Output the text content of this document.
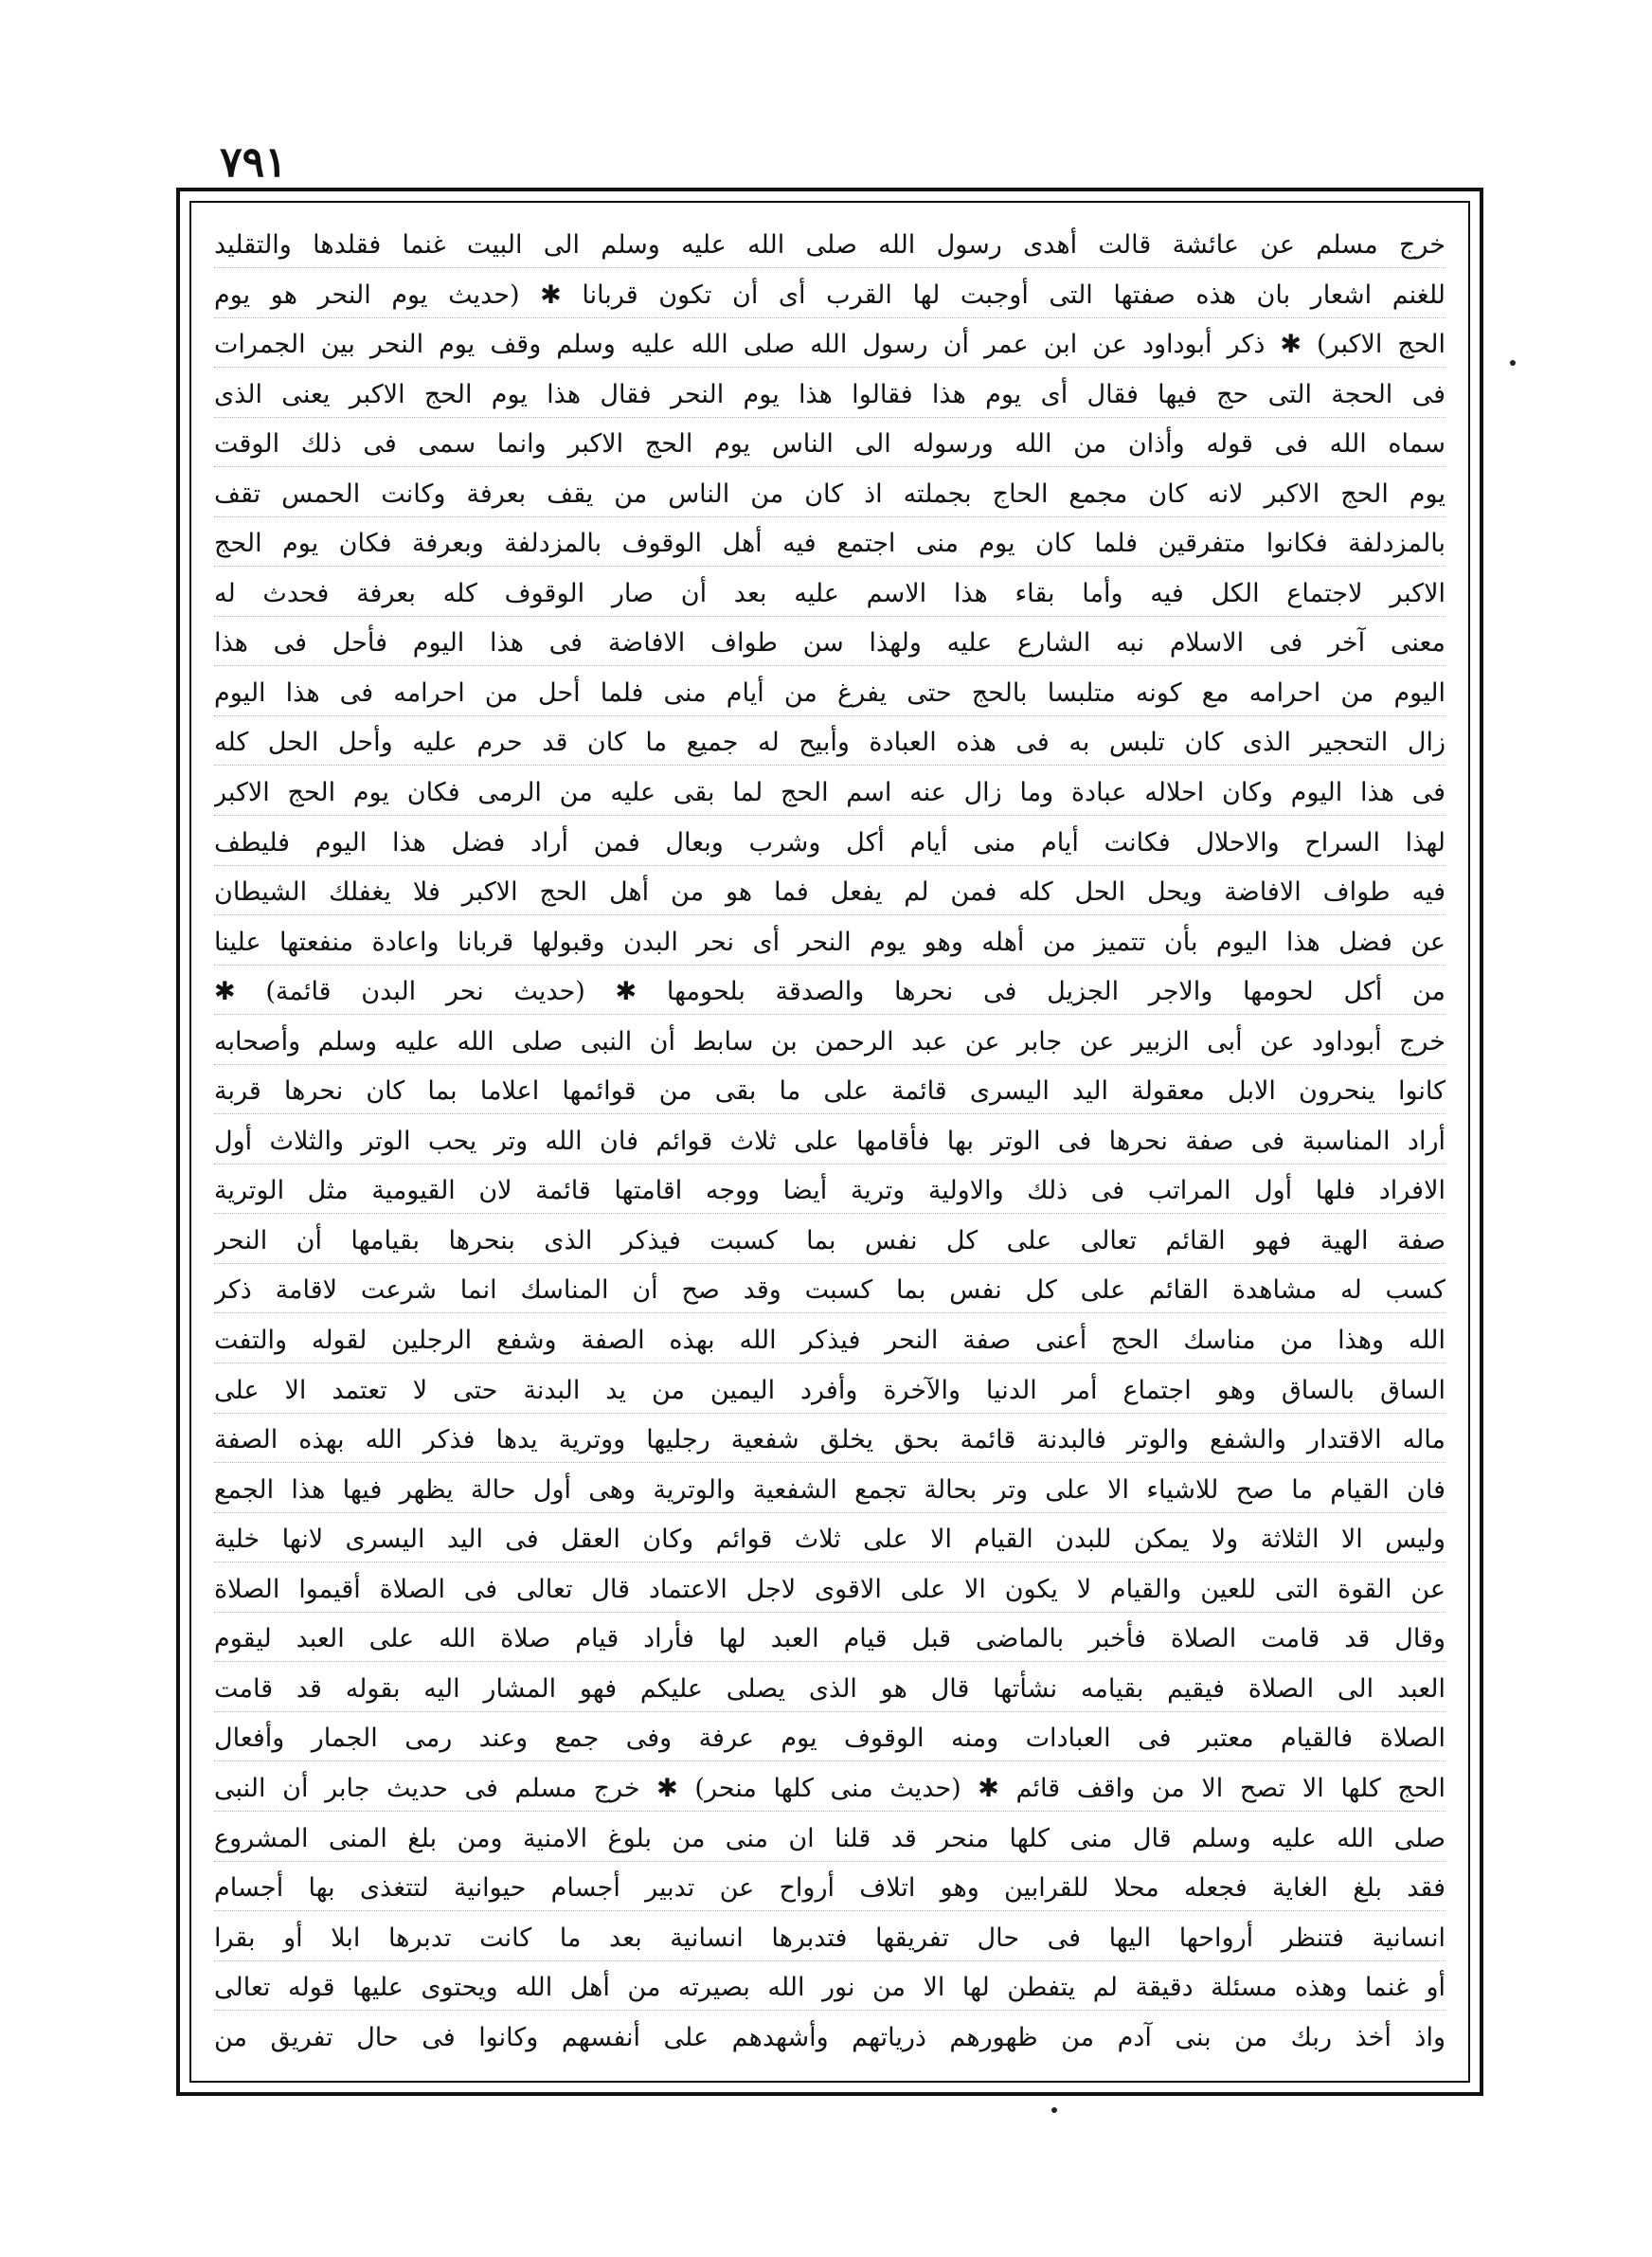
٧٩١
خرج مسلم عن عائشة قالت أهدى رسول الله صلى الله عليه وسلم الى البيت غنما فقلدها والتقليد
للغنم اشعار بان هذه صفتها التى أوجبت لها القرب أى أن تكون قربانا ✱ (حديث يوم النحر هو يوم
الحج الاكبر) ✱ ذكر أبوداود عن ابن عمر أن رسول الله صلى الله عليه وسلم وقف يوم النحر بين الجمرات
فى الحجة التى حج فيها فقال أى يوم هذا فقالوا هذا يوم النحر فقال هذا يوم الحج الاكبر يعنى الذى
سماه الله فى قوله وأذان من الله ورسوله الى الناس يوم الحج الاكبر وانما سمى فى ذلك الوقت
يوم الحج الاكبر لانه كان مجمع الحاج بجملته اذ كان من الناس من يقف بعرفة وكانت الحمس تقف
بالمزدلفة فكانوا متفرقين فلما كان يوم منى اجتمع فيه أهل الوقوف بالمزدلفة وبعرفة فكان يوم الحج
الاكبر لاجتماع الكل فيه وأما بقاء هذا الاسم عليه بعد أن صار الوقوف كله بعرفة فحدث له
معنى آخر فى الاسلام نبه الشارع عليه ولهذا سن طواف الافاضة فى هذا اليوم فأحل فى هذا
اليوم من احرامه مع كونه متلبسا بالحج حتى يفرغ من أيام منى فلما أحل من احرامه فى هذا اليوم
زال التحجير الذى كان تلبس به فى هذه العبادة وأبيح له جميع ما كان قد حرم عليه وأحل الحل كله
فى هذا اليوم وكان احلاله عبادة وما زال عنه اسم الحج لما بقى عليه من الرمى فكان يوم الحج الاكبر
لهذا السراح والاحلال فكانت أيام منى أيام أكل وشرب وبعال فمن أراد فضل هذا اليوم فليطف
فيه طواف الافاضة ويحل الحل كله فمن لم يفعل فما هو من أهل الحج الاكبر فلا يغفلك الشيطان
عن فضل هذا اليوم بأن تتميز من أهله وهو يوم النحر أى نحر البدن وقبولها قربانا واعادة منفعتها علينا
من أكل لحومها والاجر الجزيل فى نحرها والصدقة بلحومها ✱ (حديث نحر البدن قائمة) ✱
خرج أبوداود عن أبى الزبير عن جابر عن عبد الرحمن بن سابط أن النبى صلى الله عليه وسلم وأصحابه
كانوا ينحرون الابل معقولة اليد اليسرى قائمة على ما بقى من قوائمها اعلاما بما كان نحرها قربة
أراد المناسبة فى صفة نحرها فى الوتر بها فأقامها على ثلاث قوائم فان الله وتر يحب الوتر والثلاث أول
الافراد فلها أول المراتب فى ذلك والاولية وترية أيضا ووجه اقامتها قائمة لان القيومية مثل الوترية
صفة الهية فهو القائم تعالى على كل نفس بما كسبت فيذكر الذى بنحرها بقيامها أن النحر
كسب له مشاهدة القائم على كل نفس بما كسبت وقد صح أن المناسك انما شرعت لاقامة ذكر
الله وهذا من مناسك الحج أعنى صفة النحر فيذكر الله بهذه الصفة وشفع الرجلين لقوله والتفت
الساق بالساق وهو اجتماع أمر الدنيا والآخرة وأفرد اليمين من يد البدنة حتى لا تعتمد الا على
ماله الاقتدار والشفع والوتر فالبدنة قائمة بحق يخلق شفعية رجليها ووترية يدها فذكر الله بهذه الصفة
فان القيام ما صح للاشياء الا على وتر بحالة تجمع الشفعية والوترية وهى أول حالة يظهر فيها هذا الجمع
وليس الا الثلاثة ولا يمكن للبدن القيام الا على ثلاث قوائم وكان العقل فى اليد اليسرى لانها خلية
عن القوة التى للعين والقيام لا يكون الا على الاقوى لاجل الاعتماد قال تعالى فى الصلاة أقيموا الصلاة
وقال قد قامت الصلاة فأخبر بالماضى قبل قيام العبد لها فأراد قيام صلاة الله على العبد ليقوم
العبد الى الصلاة فيقيم بقيامه نشأتها قال هو الذى يصلى عليكم فهو المشار اليه بقوله قد قامت
الصلاة فالقيام معتبر فى العبادات ومنه الوقوف يوم عرفة وفى جمع وعند رمى الجمار وأفعال
الحج كلها الا تصح الا من واقف قائم ✱ (حديث منى كلها منحر) ✱ خرج مسلم فى حديث جابر أن النبى
صلى الله عليه وسلم قال منى كلها منحر قد قلنا ان منى من بلوغ الامنية ومن بلغ المنى المشروع
فقد بلغ الغاية فجعله محلا للقرابين وهو اتلاف أرواح عن تدبير أجسام حيوانية لتتغذى بها أجسام
انسانية فتنظر أرواحها اليها فى حال تفريقها فتدبرها انسانية بعد ما كانت تدبرها ابلا أو بقرا
أو غنما وهذه مسئلة دقيقة لم يتفطن لها الا من نور الله بصيرته من أهل الله ويحتوى عليها قوله تعالى
واذ أخذ ربك من بنى آدم من ظهورهم ذرياتهم وأشهدهم على أنفسهم وكانوا فى حال تفريق من
